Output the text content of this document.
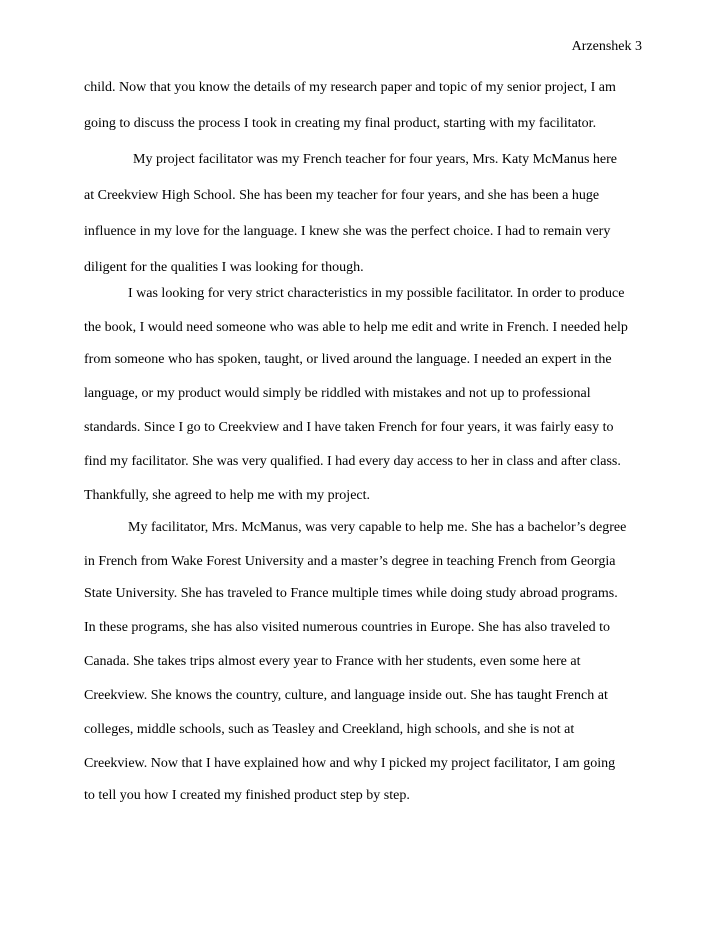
Arzenshek 3
child. Now that you know the details of my research paper and topic of my senior project, I am
going to discuss the process I took in creating my final product, starting with my facilitator.
My project facilitator was my French teacher for four years, Mrs. Katy McManus here
at Creekview High School. She has been my teacher for four years, and she has been a huge
influence in my love for the language. I knew she was the perfect choice. I had to remain very
diligent for the qualities I was looking for though.
I was looking for very strict characteristics in my possible facilitator. In order to produce
the book, I would need someone who was able to help me edit and write in French. I needed help
from someone who has spoken, taught, or lived around the language. I needed an expert in the
language, or my product would simply be riddled with mistakes and not up to professional
standards. Since I go to Creekview and I have taken French for four years, it was fairly easy to
find my facilitator. She was very qualified. I had every day access to her in class and after class.
Thankfully, she agreed to help me with my project.
My facilitator, Mrs. McManus, was very capable to help me. She has a bachelor’s degree
in French from Wake Forest University and a master’s degree in teaching French from Georgia
State University. She has traveled to France multiple times while doing study abroad programs.
In these programs, she has also visited numerous countries in Europe. She has also traveled to
Canada. She takes trips almost every year to France with her students, even some here at
Creekview. She knows the country, culture, and language inside out. She has taught French at
colleges, middle schools, such as Teasley and Creekland, high schools, and she is not at
Creekview. Now that I have explained how and why I picked my project facilitator, I am going
to tell you how I created my finished product step by step.
